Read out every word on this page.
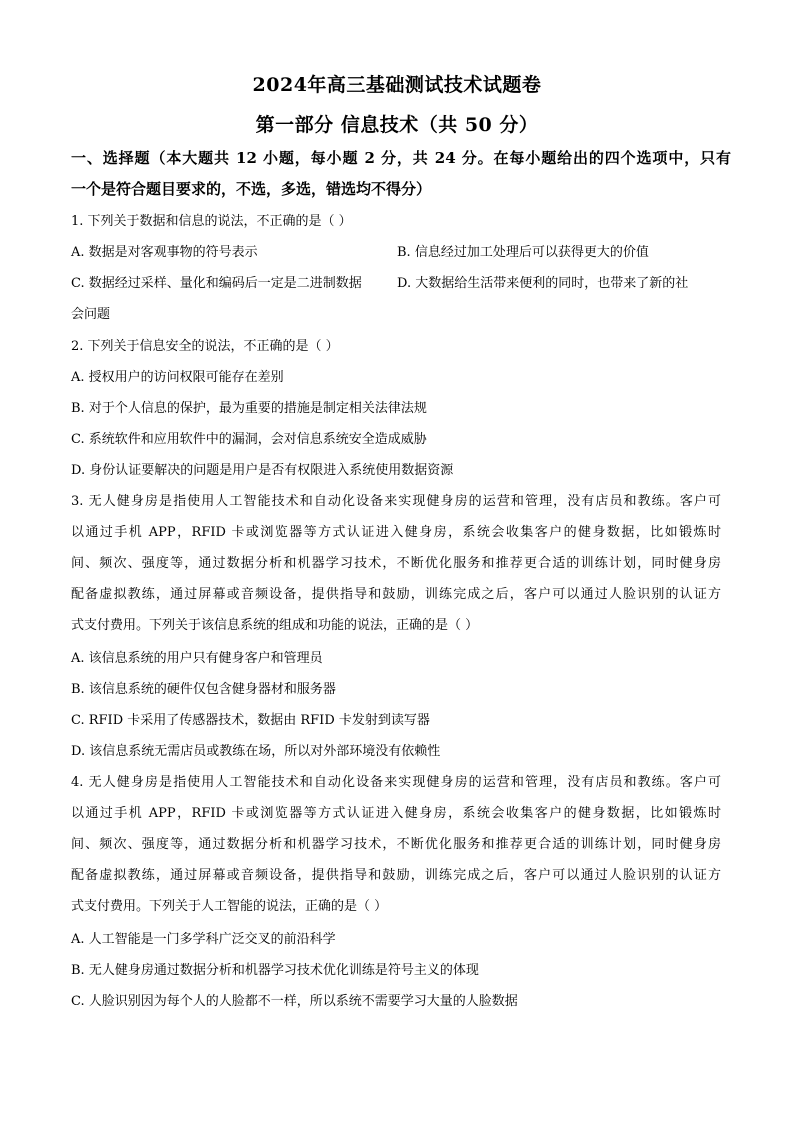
2024年高三基础测试技术试题卷
第一部分 信息技术（共 50 分）
一、选择题（本大题共 12 小题，每小题 2 分，共 24 分。在每小题给出的四个选项中，只有
一个是符合题目要求的，不选，多选，错选均不得分）
1. 下列关于数据和信息的说法，不正确的是（ ）
A. 数据是对客观事物的符号表示	B. 信息经过加工处理后可以获得更大的价值
C. 数据经过采样、量化和编码后一定是二进制数据	D. 大数据给生活带来便利的同时，也带来了新的社
会问题
2. 下列关于信息安全的说法，不正确的是（ ）
A. 授权用户的访问权限可能存在差别
B. 对于个人信息的保护，最为重要的措施是制定相关法律法规
C. 系统软件和应用软件中的漏洞，会对信息系统安全造成威胁
D. 身份认证要解决的问题是用户是否有权限进入系统使用数据资源
3. 无人健身房是指使用人工智能技术和自动化设备来实现健身房的运营和管理，没有店员和教练。客户可
以通过手机 APP，RFID 卡或浏览器等方式认证进入健身房，系统会收集客户的健身数据，比如锻炼时
间、频次、强度等，通过数据分析和机器学习技术，不断优化服务和推荐更合适的训练计划，同时健身房
配备虚拟教练，通过屏幕或音频设备，提供指导和鼓励，训练完成之后，客户可以通过人脸识别的认证方
式支付费用。下列关于该信息系统的组成和功能的说法，正确的是（ ）
A. 该信息系统的用户只有健身客户和管理员
B. 该信息系统的硬件仅包含健身器材和服务器
C. RFID 卡采用了传感器技术，数据由 RFID 卡发射到读写器
D. 该信息系统无需店员或教练在场，所以对外部环境没有依赖性
4. 无人健身房是指使用人工智能技术和自动化设备来实现健身房的运营和管理，没有店员和教练。客户可
以通过手机 APP，RFID 卡或浏览器等方式认证进入健身房，系统会收集客户的健身数据，比如锻炼时
间、频次、强度等，通过数据分析和机器学习技术，不断优化服务和推荐更合适的训练计划，同时健身房
配备虚拟教练，通过屏幕或音频设备，提供指导和鼓励，训练完成之后，客户可以通过人脸识别的认证方
式支付费用。下列关于人工智能的说法，正确的是（ ）
A. 人工智能是一门多学科广泛交叉的前沿科学
B. 无人健身房通过数据分析和机器学习技术优化训练是符号主义的体现
C. 人脸识别因为每个人的人脸都不一样，所以系统不需要学习大量的人脸数据
